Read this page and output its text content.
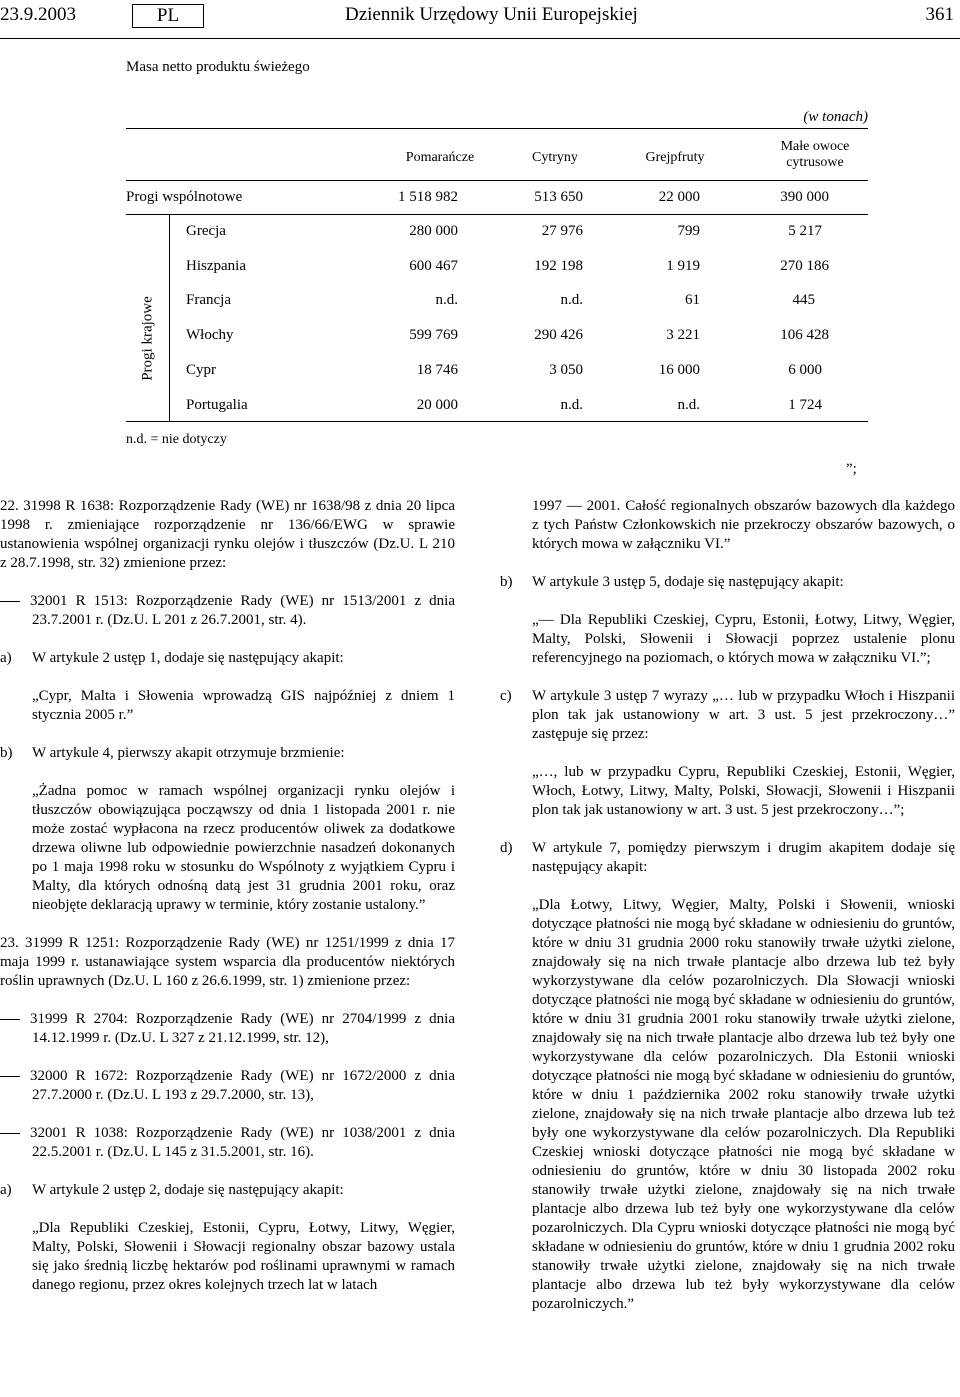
23.9.2003	PL	Dziennik Urzędowy Unii Europejskiej	361
Masa netto produktu świeżego
(w tonach)
Pomarańcze	Cytryny	Grejpfruty
Małe owoce cytrusowe
Progi wspólnotowe	1 518 982	513 650	22 000	390 000
Progi krajowe
Grecja	280 000	27 976	799	5 217
Hiszpania	600 467	192 198	1 919	270 186
Francja	n.d.	n.d.	61	445
Włochy	599 769	290 426	3 221	106 428
Cypr	18 746	3 050	16 000	6 000
Portugalia	20 000	n.d.	n.d.	1 724
n.d. = nie dotyczy
”;

22. 31998 R 1638: Rozporządzenie Rady (WE) nr 1638/98 z dnia 20 lipca 1998 r. zmieniające rozporządzenie nr 136/66/EWG w sprawie ustanowienia wspólnej organizacji rynku olejów i tłuszczów (Dz.U. L 210 z 28.7.1998, str. 32) zmienione przez:

32001 R 1513: Rozporządzenie Rady (WE) nr 1513/2001 z dnia 23.7.2001 r. (Dz.U. L 201 z 26.7.2001, str. 4).

a) W artykule 2 ustęp 1, dodaje się następujący akapit:

„Cypr, Malta i Słowenia wprowadzą GIS najpóźniej z dniem 1 stycznia 2005 r.”

b) W artykule 4, pierwszy akapit otrzymuje brzmienie:

„Żadna pomoc w ramach wspólnej organizacji rynku olejów i tłuszczów obowiązująca począwszy od dnia 1 listopada 2001 r. nie może zostać wypłacona na rzecz producentów oliwek za dodatkowe drzewa oliwne lub odpowiednie powierzchnie nasadzeń dokonanych po 1 maja 1998 roku w stosunku do Wspólnoty z wyjątkiem Cypru i Malty, dla których odnośną datą jest 31 grudnia 2001 roku, oraz nieobjęte deklaracją uprawy w terminie, który zostanie ustalony.”

23. 31999 R 1251: Rozporządzenie Rady (WE) nr 1251/1999 z dnia 17 maja 1999 r. ustanawiające system wsparcia dla producentów niektórych roślin uprawnych (Dz.U. L 160 z 26.6.1999, str. 1) zmienione przez:

31999 R 2704: Rozporządzenie Rady (WE) nr 2704/1999 z dnia 14.12.1999 r. (Dz.U. L 327 z 21.12.1999, str. 12),

32000 R 1672: Rozporządzenie Rady (WE) nr 1672/2000 z dnia 27.7.2000 r. (Dz.U. L 193 z 29.7.2000, str. 13),

32001 R 1038: Rozporządzenie Rady (WE) nr 1038/2001 z dnia 22.5.2001 r. (Dz.U. L 145 z 31.5.2001, str. 16).

a) W artykule 2 ustęp 2, dodaje się następujący akapit:

„Dla Republiki Czeskiej, Estonii, Cypru, Łotwy, Litwy, Węgier, Malty, Polski, Słowenii i Słowacji regionalny obszar bazowy ustala się jako średnią liczbę hektarów pod roślinami uprawnymi w ramach danego regionu, przez okres kolejnych trzech lat w latach

1997 — 2001. Całość regionalnych obszarów bazowych dla każdego z tych Państw Członkowskich nie przekroczy obszarów bazowych, o których mowa w załączniku VI.”

b) W artykule 3 ustęp 5, dodaje się następujący akapit:

„— Dla Republiki Czeskiej, Cypru, Estonii, Łotwy, Litwy, Węgier, Malty, Polski, Słowenii i Słowacji poprzez ustalenie plonu referencyjnego na poziomach, o których mowa w załączniku VI.”;

c) W artykule 3 ustęp 7 wyrazy „… lub w przypadku Włoch i Hiszpanii plon tak jak ustanowiony w art. 3 ust. 5 jest przekroczony…” zastępuje się przez:

„…, lub w przypadku Cypru, Republiki Czeskiej, Estonii, Węgier, Włoch, Łotwy, Litwy, Malty, Polski, Słowacji, Słowenii i Hiszpanii plon tak jak ustanowiony w art. 3 ust. 5 jest przekroczony…”;

d) W artykule 7, pomiędzy pierwszym i drugim akapitem dodaje się następujący akapit:

„Dla Łotwy, Litwy, Węgier, Malty, Polski i Słowenii, wnioski dotyczące płatności nie mogą być składane w odniesieniu do gruntów, które w dniu 31 grudnia 2000 roku stanowiły trwałe użytki zielone, znajdowały się na nich trwałe plantacje albo drzewa lub też były wykorzystywane dla celów pozarolniczych. Dla Słowacji wnioski dotyczące płatności nie mogą być składane w odniesieniu do gruntów, które w dniu 31 grudnia 2001 roku stanowiły trwałe użytki zielone, znajdowały się na nich trwałe plantacje albo drzewa lub też były one wykorzystywane dla celów pozarolniczych. Dla Estonii wnioski dotyczące płatności nie mogą być składane w odniesieniu do gruntów, które w dniu 1 października 2002 roku stanowiły trwałe użytki zielone, znajdowały się na nich trwałe plantacje albo drzewa lub też były one wykorzystywane dla celów pozarolniczych. Dla Republiki Czeskiej wnioski dotyczące płatności nie mogą być składane w odniesieniu do gruntów, które w dniu 30 listopada 2002 roku stanowiły trwałe użytki zielone, znajdowały się na nich trwałe plantacje albo drzewa lub też były one wykorzystywane dla celów pozarolniczych. Dla Cypru wnioski dotyczące płatności nie mogą być składane w odniesieniu do gruntów, które w dniu 1 grudnia 2002 roku stanowiły trwałe użytki zielone, znajdowały się na nich trwałe plantacje albo drzewa lub też były wykorzystywane dla celów pozarolniczych.”
